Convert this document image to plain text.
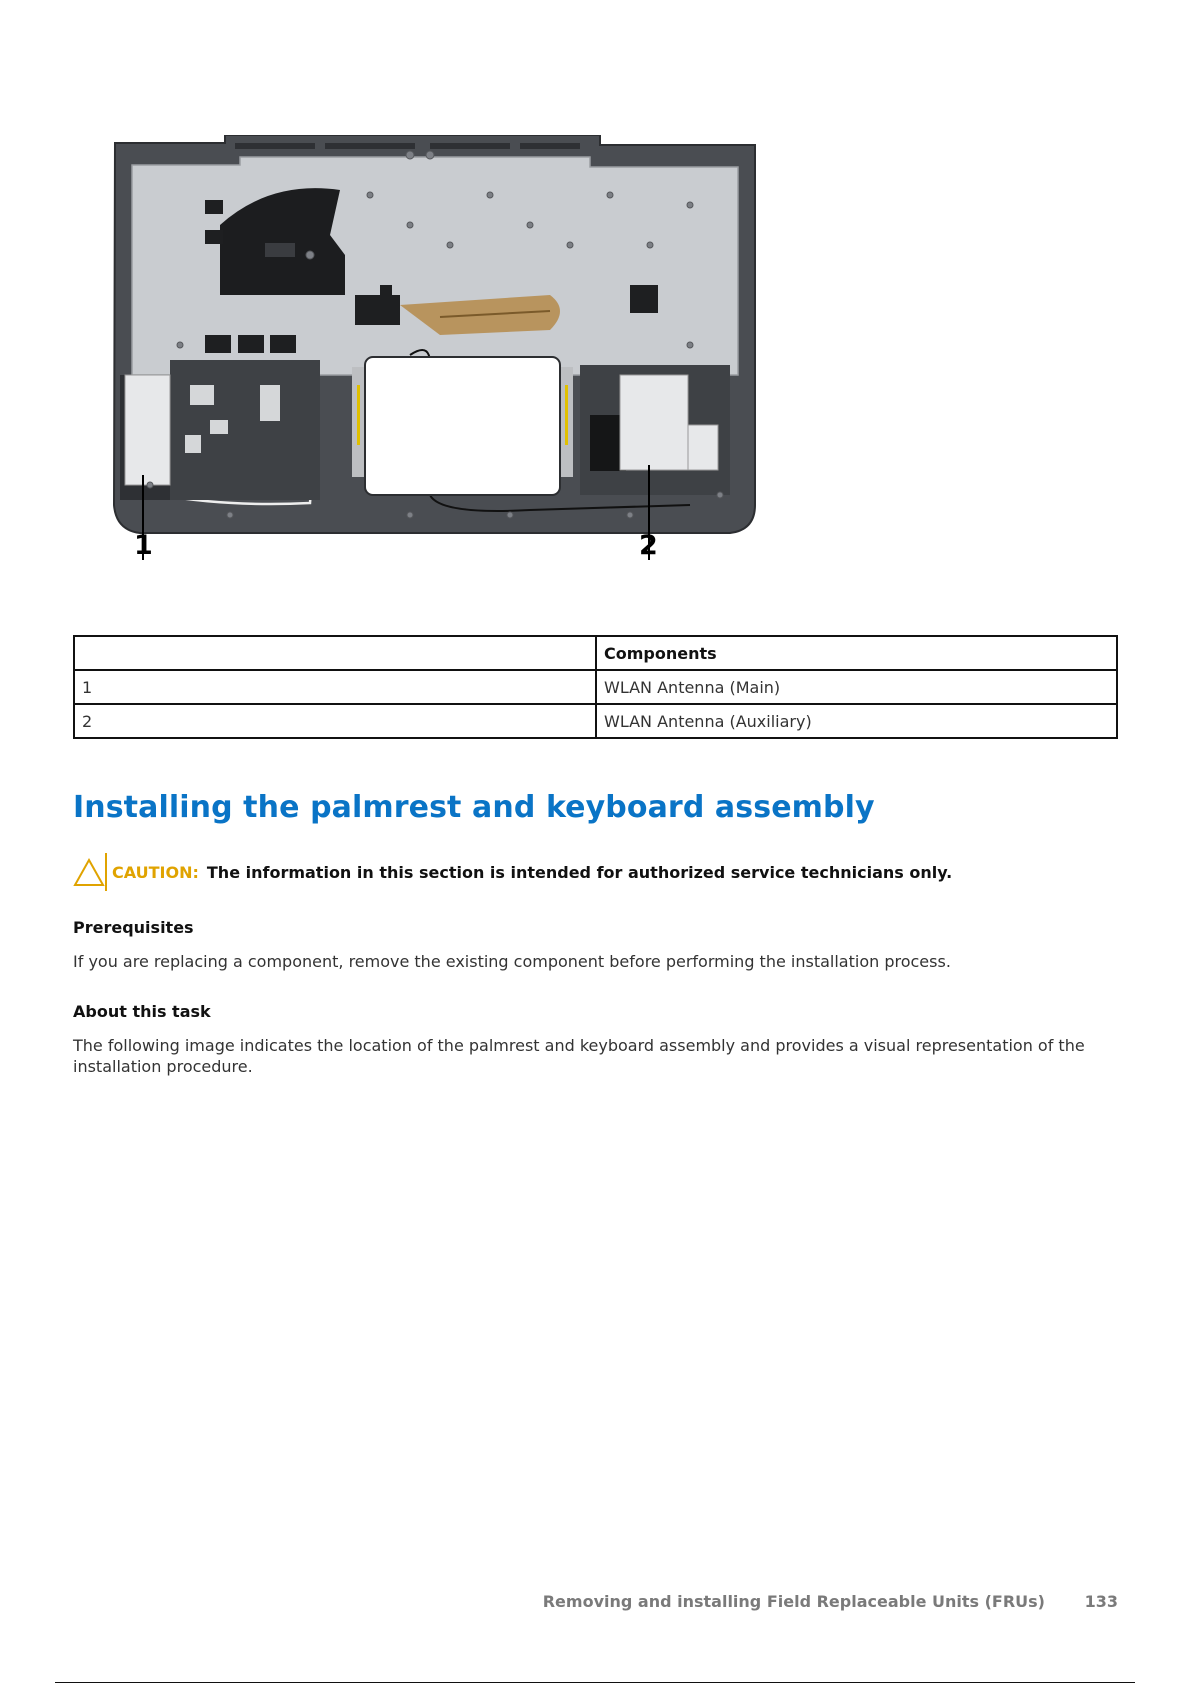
1	2
	Components
1	WLAN Antenna (Main)
2	WLAN Antenna (Auxiliary)
Installing the palmrest and keyboard assembly
CAUTION: The information in this section is intended for authorized service technicians only.
Prerequisites

If you are replacing a component, remove the existing component before performing the installation process.

About this task

The following image indicates the location of the palmrest and keyboard assembly and provides a visual representation of the installation procedure.

Removing and installing Field Replaceable Units (FRUs) 133
